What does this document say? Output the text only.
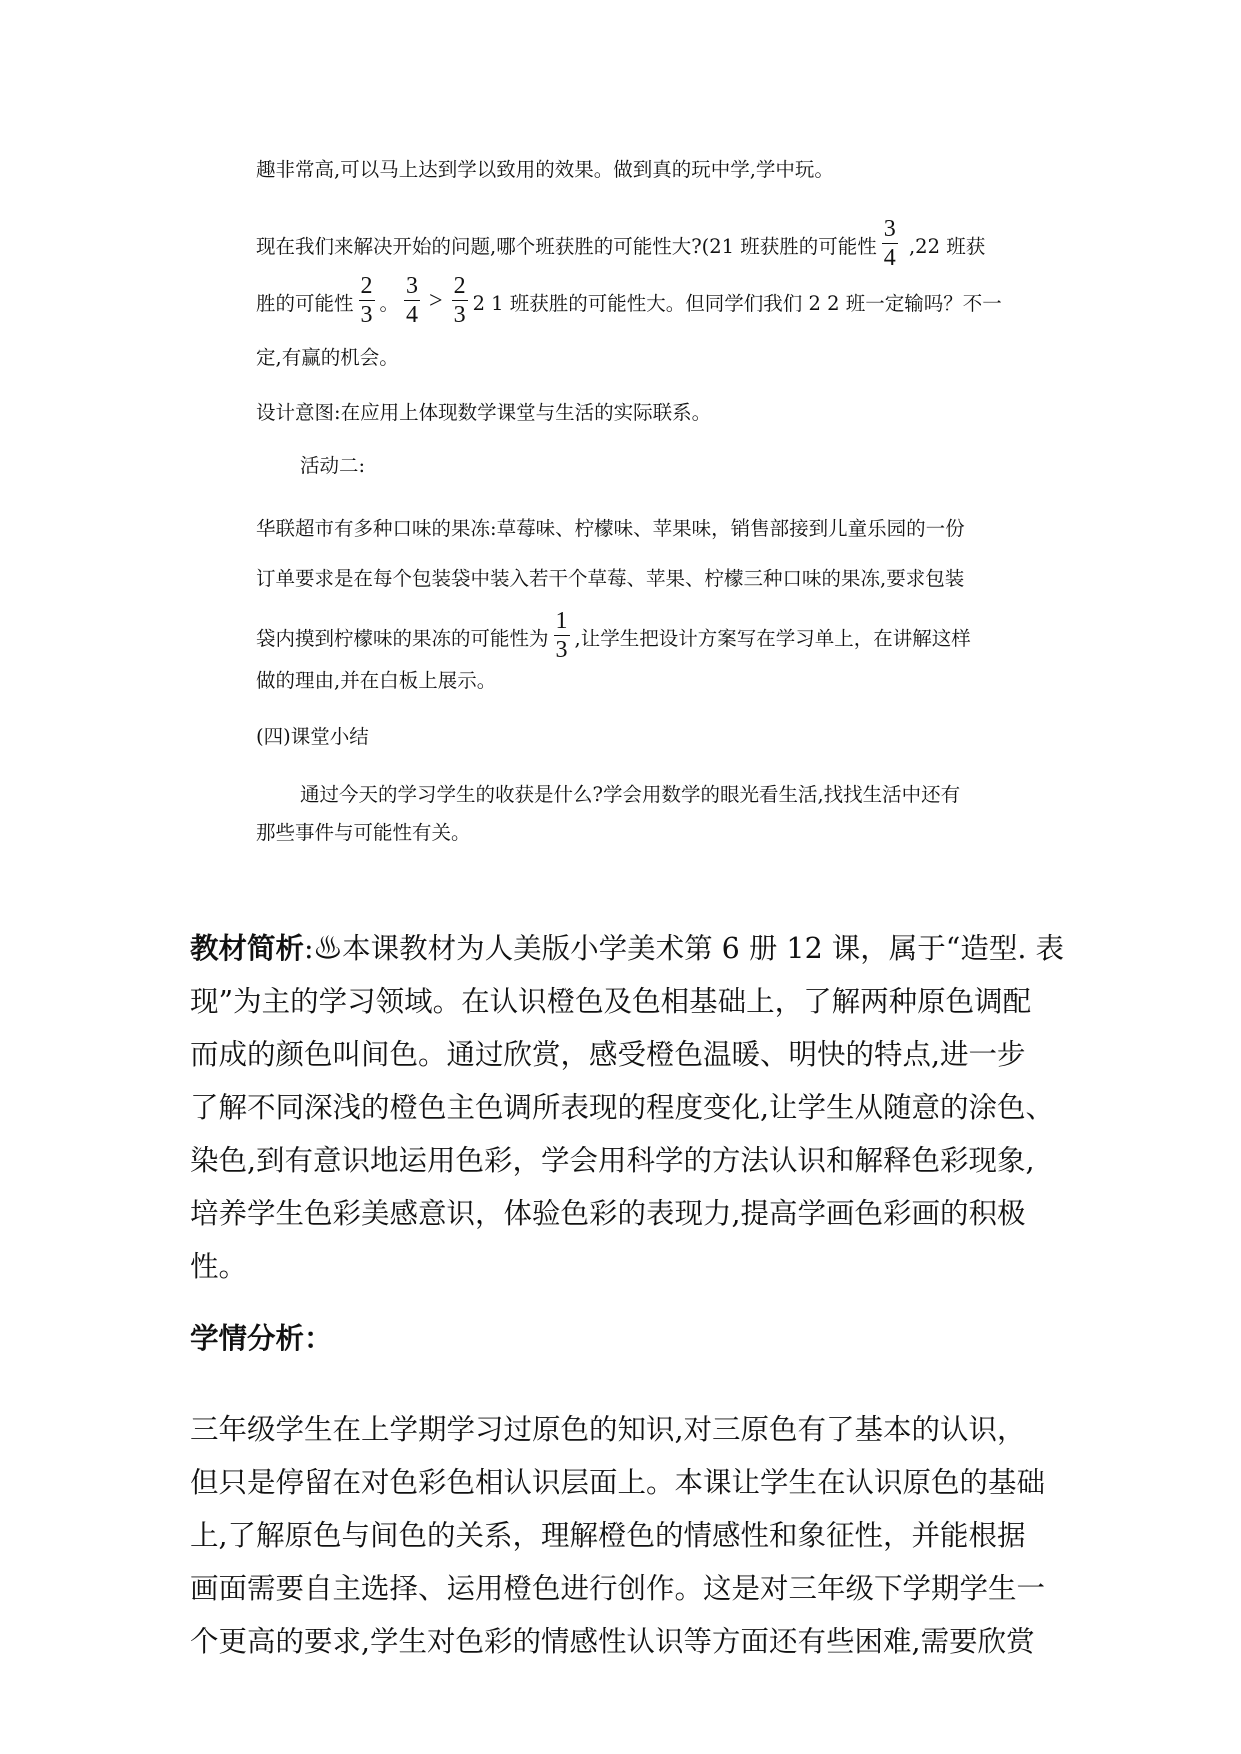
趣非常高,可以马上达到学以致用的效果。做到真的玩中学,学中玩。

现在我们来解决开始的问题,哪个班获胜的可能性大?(21 班获胜的可能性 $\frac{3}{4} ,22$ 班获

胜的可能性 $\frac{2}{3}$ 。 $\frac{3}{4} > \frac{2}{3} 2$ 1 班获胜的可能性大。但同学们我们 2 2 班一定输吗？不一

定,有赢的机会。

设计意图:在应用上体现数学课堂与生活的实际联系。

活动二:

华联超市有多种口味的果冻:草莓味、柠檬味、苹果味，销售部接到儿童乐园的一份

订单要求是在每个包装袋中装入若干个草莓、苹果、柠檬三种口味的果冻,要求包装

袋内摸到柠檬味的果冻的可能性为 $\frac{1}{3}$ ,让学生把设计方案写在学习单上，在讲解这样

做的理由,并在白板上展示。

(四)课堂小结

通过今天的学习学生的收获是什么?学会用数学的眼光看生活,找找生活中还有

那些事件与可能性有关。

教材简析:♨本课教材为人美版小学美术第 6 册 12 课，属于“造型. 表

现”为主的学习领域。在认识橙色及色相基础上，了解两种原色调配

而成的颜色叫间色。通过欣赏，感受橙色温暖、明快的特点,进一步

了解不同深浅的橙色主色调所表现的程度变化,让学生从随意的涂色、

染色,到有意识地运用色彩，学会用科学的方法认识和解释色彩现象,

培养学生色彩美感意识，体验色彩的表现力,提高学画色彩画的积极

性。

学情分析：

三年级学生在上学期学习过原色的知识,对三原色有了基本的认识，

但只是停留在对色彩色相认识层面上。本课让学生在认识原色的基础

上,了解原色与间色的关系，理解橙色的情感性和象征性，并能根据

画面需要自主选择、运用橙色进行创作。这是对三年级下学期学生一

个更高的要求,学生对色彩的情感性认识等方面还有些困难,需要欣赏
